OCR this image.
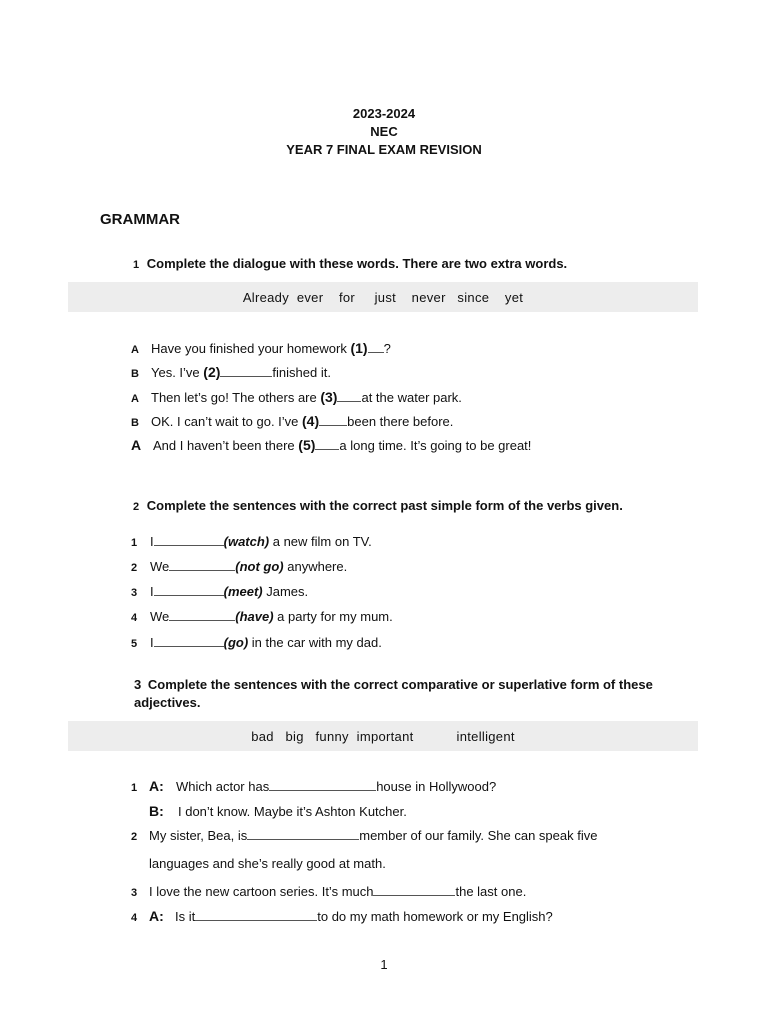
2023-2024
NEC
YEAR 7 FINAL EXAM REVISION
GRAMMAR
1 Complete the dialogue with these words. There are two extra words.
Already  ever    for     just    never   since    yet
A Have you finished your homework (1) ?
B Yes. I’ve (2)	finished it.
A Then let’s go! The others are (3) at the water park.
B OK. I can’t wait to go. I’ve (4) been there before.
A And I haven’t been there (5) a long time. It’s going to be great!
2 Complete the sentences with the correct past simple form of the verbs given.
1 I	(watch) a new film on TV.
2 We	(not go) anywhere.
3 I	(meet) James.
4 We	(have) a party for my mum.
5 I	(go) in the car with my dad.
3 Complete the sentences with the correct comparative or superlative form of these
adjectives.
bad   big   funny  important           intelligent
1 A: Which actor has	house in Hollywood?
B: I don’t know. Maybe it’s Ashton Kutcher.
2 My sister, Bea, is	member of our family. She can speak five
languages and she’s really good at math.
3 I love the new cartoon series. It’s much	the last one.
4 A: Is it	to do my math homework or my English?
1
